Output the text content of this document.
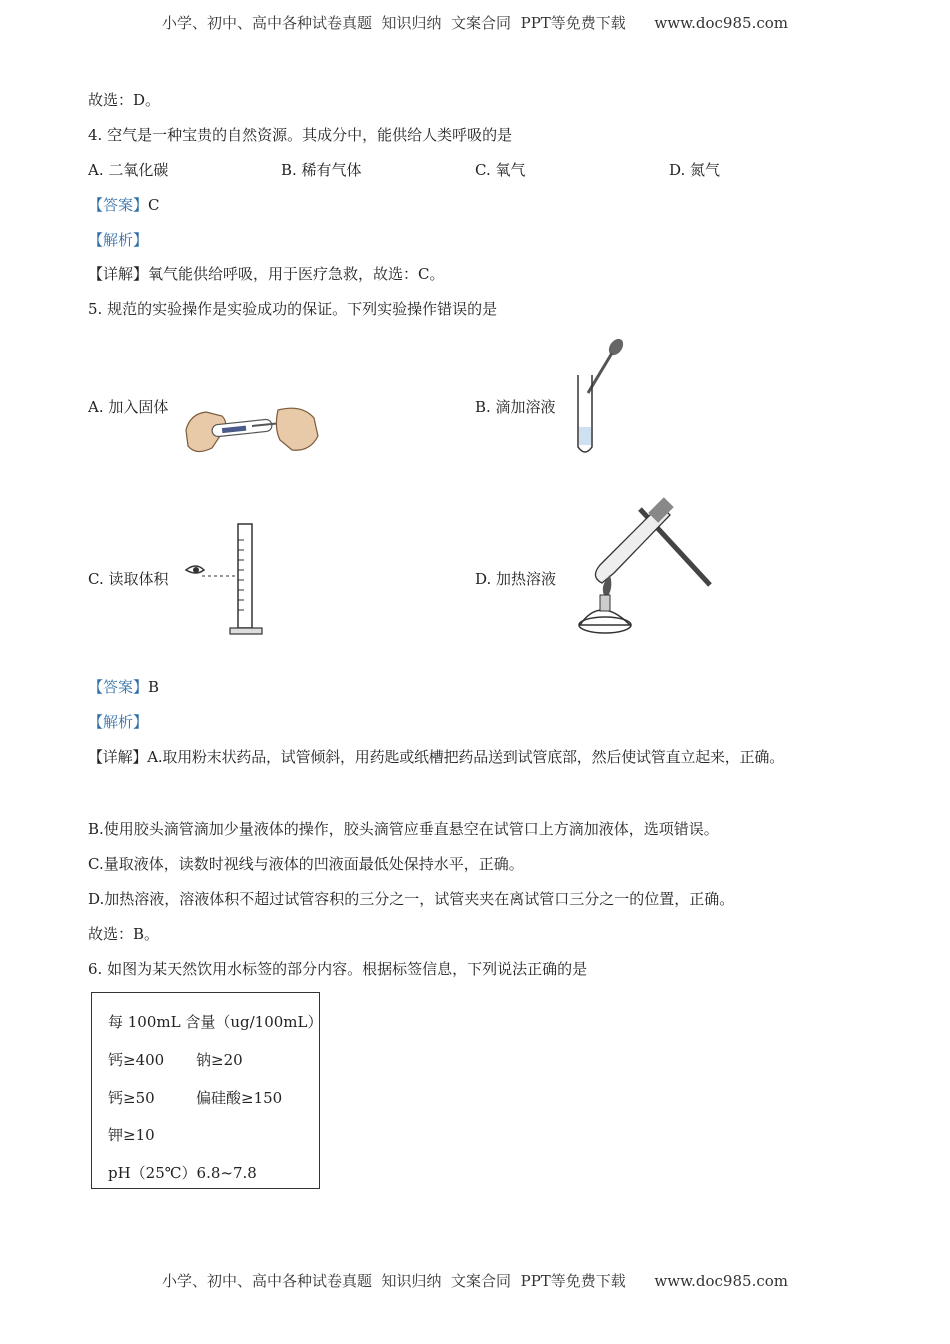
小学、初中、高中各种试卷真题  知识归纳  文案合同  PPT等免费下载      www.doc985.com
故选：D。
4. 空气是一种宝贵的自然资源。其成分中，能供给人类呼吸的是
A. 二氧化碳	B. 稀有气体	C. 氧气	D. 氮气
【答案】C
【解析】
【详解】氧气能供给呼吸，用于医疗急救，故选：C。
5. 规范的实验操作是实验成功的保证。下列实验操作错误的是
A. 加入固体	B. 滴加溶液
C. 读取体积	D. 加热溶液
【答案】B
【解析】
【详解】A.取用粉末状药品，试管倾斜，用药匙或纸槽把药品送到试管底部，然后使试管直立起来，正确。
B.使用胶头滴管滴加少量液体的操作，胶头滴管应垂直悬空在试管口上方滴加液体，选项错误。
C.量取液体，读数时视线与液体的凹液面最低处保持水平，正确。
D.加热溶液，溶液体积不超过试管容积的三分之一，试管夹夹在离试管口三分之一的位置，正确。
故选：B。
6. 如图为某天然饮用水标签的部分内容。根据标签信息，下列说法正确的是
每 100mL 含量（ug/100mL）
钙≥400 钠≥20
钙≥50	偏硅酸≥150
钾≥10
pH（25℃）6.8~7.8
小学、初中、高中各种试卷真题  知识归纳  文案合同  PPT等免费下载      www.doc985.com
